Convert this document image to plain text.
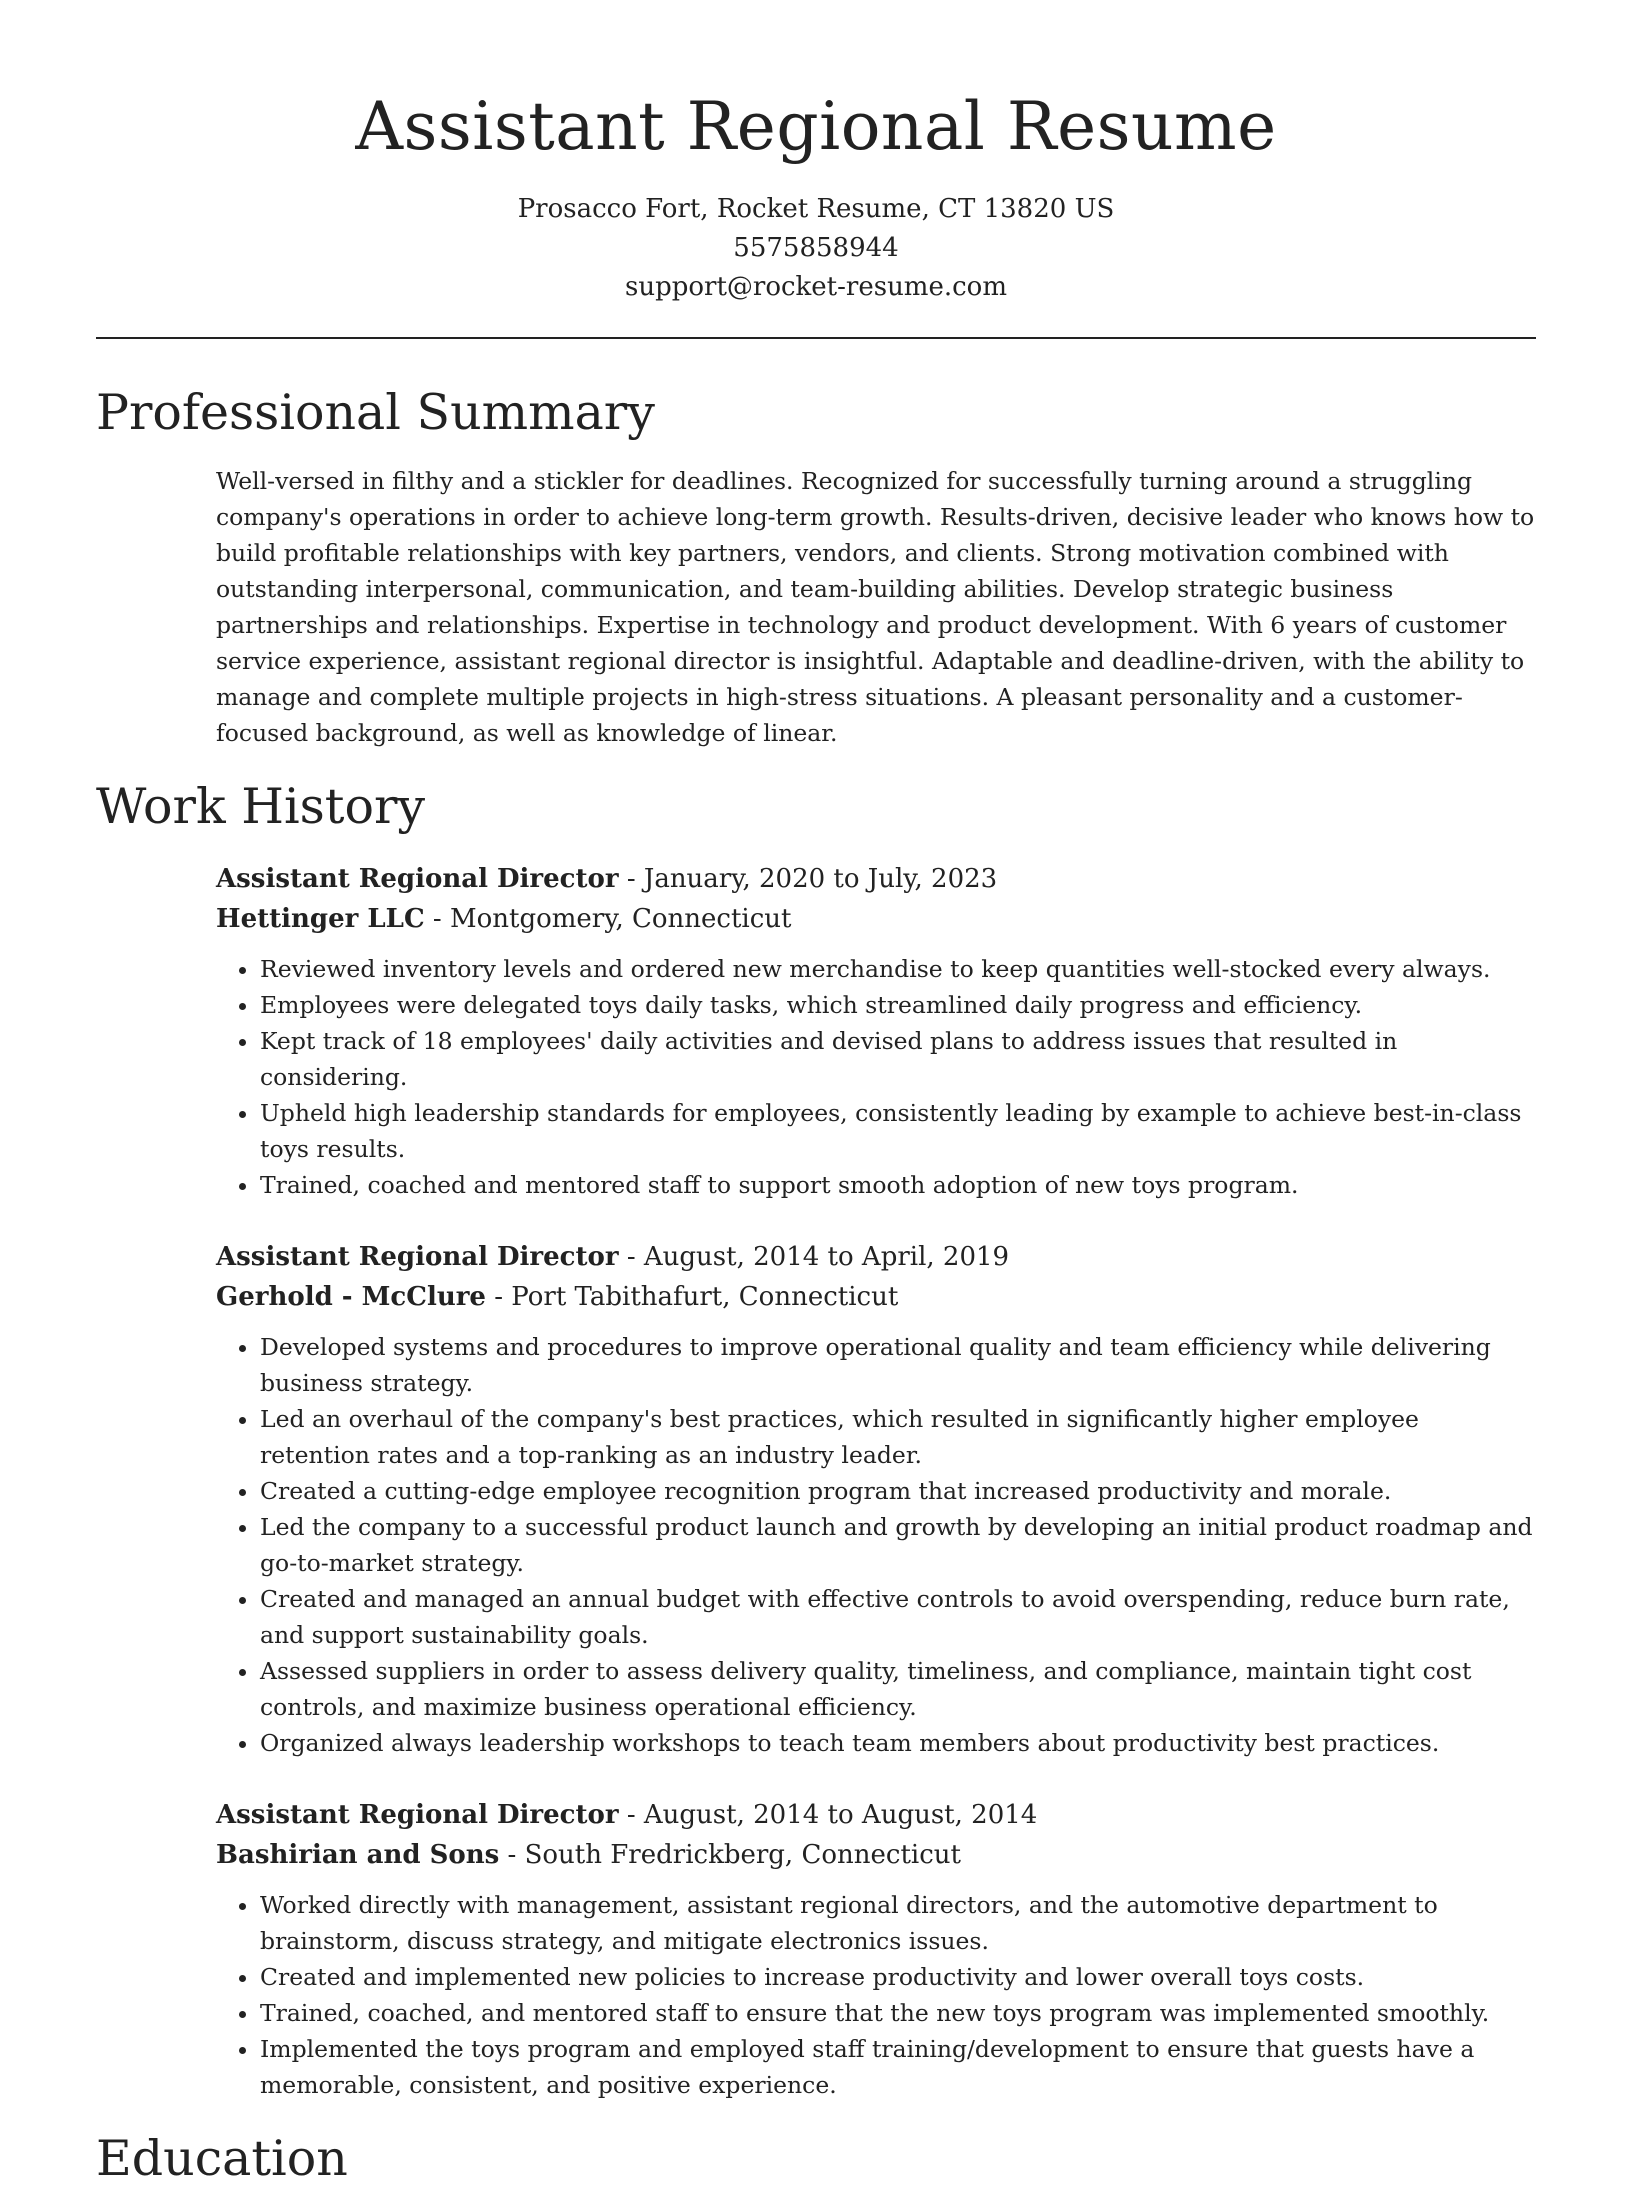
Assistant Regional Resume
Prosacco Fort, Rocket Resume, CT 13820 US
5575858944
support@rocket-resume.com
Professional Summary

Well-versed in filthy and a stickler for deadlines. Recognized for successfully turning around a struggling company's operations in order to achieve long-term growth. Results-driven, decisive leader who knows how to build profitable relationships with key partners, vendors, and clients. Strong motivation combined with outstanding interpersonal, communication, and team-building abilities. Develop strategic business partnerships and relationships. Expertise in technology and product development. With 6 years of customer service experience, assistant regional director is insightful. Adaptable and deadline-driven, with the ability to manage and complete multiple projects in high-stress situations. A pleasant personality and a customer-focused background, as well as knowledge of linear.

Work History
Assistant Regional Director - January, 2020 to July, 2023
Hettinger LLC - Montgomery, Connecticut
• Reviewed inventory levels and ordered new merchandise to keep quantities well-stocked every always.
• Employees were delegated toys daily tasks, which streamlined daily progress and efficiency.
• Kept track of 18 employees' daily activities and devised plans to address issues that resulted in considering.
• Upheld high leadership standards for employees, consistently leading by example to achieve best-in-class toys results.
• Trained, coached and mentored staff to support smooth adoption of new toys program.
Assistant Regional Director - August, 2014 to April, 2019
Gerhold - McClure - Port Tabithafurt, Connecticut
• Developed systems and procedures to improve operational quality and team efficiency while delivering business strategy.
• Led an overhaul of the company's best practices, which resulted in significantly higher employee retention rates and a top-ranking as an industry leader.
• Created a cutting-edge employee recognition program that increased productivity and morale.
• Led the company to a successful product launch and growth by developing an initial product roadmap and go-to-market strategy.
• Created and managed an annual budget with effective controls to avoid overspending, reduce burn rate, and support sustainability goals.
• Assessed suppliers in order to assess delivery quality, timeliness, and compliance, maintain tight cost controls, and maximize business operational efficiency.
• Organized always leadership workshops to teach team members about productivity best practices.
Assistant Regional Director - August, 2014 to August, 2014
Bashirian and Sons - South Fredrickberg, Connecticut
• Worked directly with management, assistant regional directors, and the automotive department to brainstorm, discuss strategy, and mitigate electronics issues.
• Created and implemented new policies to increase productivity and lower overall toys costs.
• Trained, coached, and mentored staff to ensure that the new toys program was implemented smoothly.
• Implemented the toys program and employed staff training/development to ensure that guests have a memorable, consistent, and positive experience.
Education
